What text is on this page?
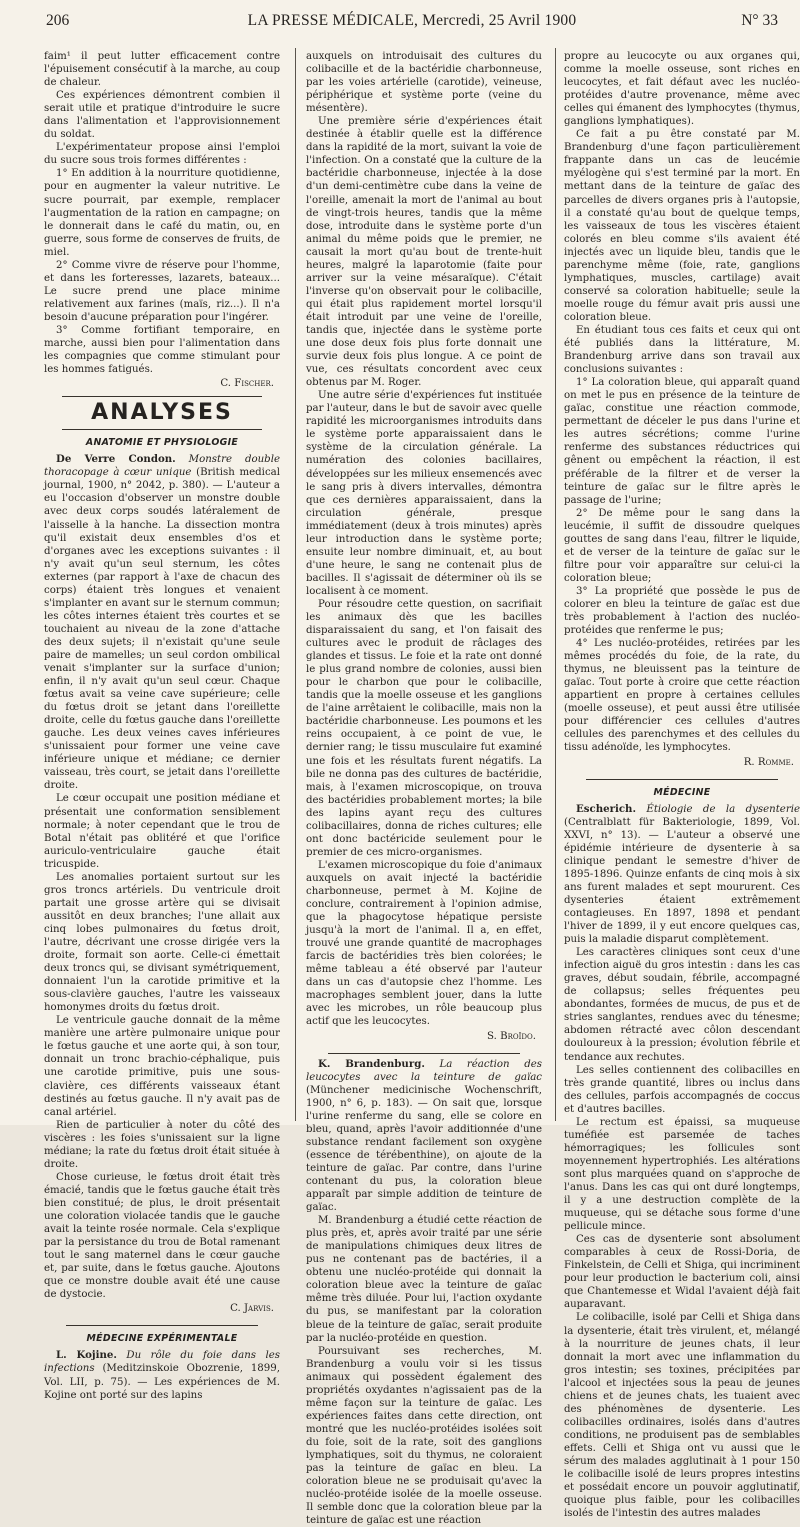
206	LA PRESSE MÉDICALE, Mercredi, 25 Avril 1900	N° 33

faim¹ il peut lutter efficacement contre l'épuisement consécutif à la marche, au coup de chaleur.

Ces expériences démontrent combien il serait utile et pratique d'introduire le sucre dans l'alimentation et l'approvisionnement du soldat.

L'expérimentateur propose ainsi l'emploi du sucre sous trois formes différentes :

1° En addition à la nourriture quotidienne, pour en augmenter la valeur nutritive. Le sucre pourrait, par exemple, remplacer l'augmentation de la ration en campagne; on le donnerait dans le café du matin, ou, en guerre, sous forme de conserves de fruits, de miel.

2° Comme vivre de réserve pour l'homme, et dans les forteresses, lazarets, bateaux... Le sucre prend une place minime relativement aux farines (maïs, riz...). Il n'a besoin d'aucune préparation pour l'ingérer.

3° Comme fortifiant temporaire, en marche, aussi bien pour l'alimentation dans les compagnies que comme stimulant pour les hommes fatigués.

C. Fischer.
ANALYSES
ANATOMIE ET PHYSIOLOGIE

De Verre Condon. Monstre double thoracopage à cœur unique (British medical journal, 1900, n° 2042, p. 380). — L'auteur a eu l'occasion d'observer un monstre double avec deux corps soudés latéralement de l'aisselle à la hanche. La dissection montra qu'il existait deux ensembles d'os et d'organes avec les exceptions suivantes : il n'y avait qu'un seul sternum, les côtes externes (par rapport à l'axe de chacun des corps) étaient très longues et venaient s'implanter en avant sur le sternum commun; les côtes internes étaient très courtes et se touchaient au niveau de la zone d'attache des deux sujets; il n'existait qu'une seule paire de mamelles; un seul cordon ombilical venait s'implanter sur la surface d'union; enfin, il n'y avait qu'un seul cœur. Chaque fœtus avait sa veine cave supérieure; celle du fœtus droit se jetant dans l'oreillette droite, celle du fœtus gauche dans l'oreillette gauche. Les deux veines caves inférieures s'unissaient pour former une veine cave inférieure unique et médiane; ce dernier vaisseau, très court, se jetait dans l'oreillette droite.

Le cœur occupait une position médiane et présentait une conformation sensiblement normale; à noter cependant que le trou de Botal n'était pas oblitéré et que l'orifice auriculo-ventriculaire gauche était tricuspide.

Les anomalies portaient surtout sur les gros troncs artériels. Du ventricule droit partait une grosse artère qui se divisait aussitôt en deux branches; l'une allait aux cinq lobes pulmonaires du fœtus droit, l'autre, décrivant une crosse dirigée vers la droite, formait son aorte. Celle-ci émettait deux troncs qui, se divisant symétriquement, donnaient l'un la carotide primitive et la sous-clavière gauches, l'autre les vaisseaux homonymes droits du fœtus droit.

Le ventricule gauche donnait de la même manière une artère pulmonaire unique pour le fœtus gauche et une aorte qui, à son tour, donnait un tronc brachio-céphalique, puis une carotide primitive, puis une sous-clavière, ces différents vaisseaux étant destinés au fœtus gauche. Il n'y avait pas de canal artériel.

Rien de particulier à noter du côté des viscères : les foies s'unissaient sur la ligne médiane; la rate du fœtus droit était située à droite.

Chose curieuse, le fœtus droit était très émacié, tandis que le fœtus gauche était très bien constitué; de plus, le droit présentait une coloration violacée tandis que le gauche avait la teinte rosée normale. Cela s'explique par la persistance du trou de Botal ramenant tout le sang maternel dans le cœur gauche et, par suite, dans le fœtus gauche. Ajoutons que ce monstre double avait été une cause de dystocie.

C. Jarvis.
MÉDECINE EXPÉRIMENTALE

L. Kojine. Du rôle du foie dans les infections (Meditzinskoie Obozrenie, 1899, Vol. LII, p. 75). — Les expériences de M. Kojine ont porté sur des lapins

auxquels on introduisait des cultures du colibacille et de la bactéridie charbonneuse, par les voies artérielle (carotide), veineuse, périphérique et système porte (veine du mésentère).

Une première série d'expériences était destinée à établir quelle est la différence dans la rapidité de la mort, suivant la voie de l'infection. On a constaté que la culture de la bactéridie charbonneuse, injectée à la dose d'un demi-centimètre cube dans la veine de l'oreille, amenait la mort de l'animal au bout de vingt-trois heures, tandis que la même dose, introduite dans le système porte d'un animal du même poids que le premier, ne causait la mort qu'au bout de trente-huit heures, malgré la laparotomie (faite pour arriver sur la veine mésaraïque). C'était l'inverse qu'on observait pour le colibacille, qui était plus rapidement mortel lorsqu'il était introduit par une veine de l'oreille, tandis que, injectée dans le système porte une dose deux fois plus forte donnait une survie deux fois plus longue. A ce point de vue, ces résultats concordent avec ceux obtenus par M. Roger.

Une autre série d'expériences fut instituée par l'auteur, dans le but de savoir avec quelle rapidité les microorganismes introduits dans le système porte apparaissaient dans le système de la circulation générale. La numération des colonies bacillaires, développées sur les milieux ensemencés avec le sang pris à divers intervalles, démontra que ces dernières apparaissaient, dans la circulation générale, presque immédiatement (deux à trois minutes) après leur introduction dans le système porte; ensuite leur nombre diminuait, et, au bout d'une heure, le sang ne contenait plus de bacilles. Il s'agissait de déterminer où ils se localisent à ce moment.

Pour résoudre cette question, on sacrifiait les animaux dès que les bacilles disparaissaient du sang, et l'on faisait des cultures avec le produit de râclages des glandes et tissus. Le foie et la rate ont donné le plus grand nombre de colonies, aussi bien pour le charbon que pour le colibacille, tandis que la moelle osseuse et les ganglions de l'aine arrêtaient le colibacille, mais non la bactéridie charbonneuse. Les poumons et les reins occupaient, à ce point de vue, le dernier rang; le tissu musculaire fut examiné une fois et les résultats furent négatifs. La bile ne donna pas des cultures de bactéridie, mais, à l'examen microscopique, on trouva des bactéridies probablement mortes; la bile des lapins ayant reçu des cultures colibacillaires, donna de riches cultures; elle ont donc bactéricide seulement pour le premier de ces micro-organismes.

L'examen microscopique du foie d'animaux auxquels on avait injecté la bactéridie charbonneuse, permet à M. Kojine de conclure, contrairement à l'opinion admise, que la phagocytose hépatique persiste jusqu'à la mort de l'animal. Il a, en effet, trouvé une grande quantité de macrophages farcis de bactéridies très bien colorées; le même tableau a été observé par l'auteur dans un cas d'autopsie chez l'homme. Les macrophages semblent jouer, dans la lutte avec les microbes, un rôle beaucoup plus actif que les leucocytes.

S. Broïdo.

K. Brandenburg. La réaction des leucocytes avec la teinture de gaïac (Münchener medicinische Wochenschrift, 1900, n° 6, p. 183). — On sait que, lorsque l'urine renferme du sang, elle se colore en bleu, quand, après l'avoir additionnée d'une substance rendant facilement son oxygène (essence de térébenthine), on ajoute de la teinture de gaïac. Par contre, dans l'urine contenant du pus, la coloration bleue apparaît par simple addition de teinture de gaïac.

M. Brandenburg a étudié cette réaction de plus près, et, après avoir traité par une série de manipulations chimiques deux litres de pus ne contenant pas de bactéries, il a obtenu une nucléo-protéide qui donnait la coloration bleue avec la teinture de gaïac même très diluée. Pour lui, l'action oxydante du pus, se manifestant par la coloration bleue de la teinture de gaïac, serait produite par la nucléo-protéide en question.

Poursuivant ses recherches, M. Brandenburg a voulu voir si les tissus animaux qui possèdent également des propriétés oxydantes n'agissaient pas de la même façon sur la teinture de gaïac. Les expériences faites dans cette direction, ont montré que les nucléo-protéides isolées soit du foie, soit de la rate, soit des ganglions lymphatiques, soit du thymus, ne coloraient pas la teinture de gaïac en bleu. La coloration bleue ne se produisait qu'avec la nucléo-protéide isolée de la moelle osseuse. Il semble donc que la coloration bleue par la teinture de gaïac est une réaction

propre au leucocyte ou aux organes qui, comme la moelle osseuse, sont riches en leucocytes, et fait défaut avec les nucléo-protéides d'autre provenance, même avec celles qui émanent des lymphocytes (thymus, ganglions lymphatiques).

Ce fait a pu être constaté par M. Brandenburg d'une façon particulièrement frappante dans un cas de leucémie myélogène qui s'est terminé par la mort. En mettant dans de la teinture de gaïac des parcelles de divers organes pris à l'autopsie, il a constaté qu'au bout de quelque temps, les vaisseaux de tous les viscères étaient colorés en bleu comme s'ils avaient été injectés avec un liquide bleu, tandis que le parenchyme même (foie, rate, ganglions lymphatiques, muscles, cartilage) avait conservé sa coloration habituelle; seule la moelle rouge du fémur avait pris aussi une coloration bleue.

En étudiant tous ces faits et ceux qui ont été publiés dans la littérature, M. Brandenburg arrive dans son travail aux conclusions suivantes :

1° La coloration bleue, qui apparaît quand on met le pus en présence de la teinture de gaïac, constitue une réaction commode, permettant de déceler le pus dans l'urine et les autres sécrétions; comme l'urine renferme des substances réductrices qui gênent ou empêchent la réaction, il est préférable de la filtrer et de verser la teinture de gaïac sur le filtre après le passage de l'urine;

2° De même pour le sang dans la leucémie, il suffit de dissoudre quelques gouttes de sang dans l'eau, filtrer le liquide, et de verser de la teinture de gaïac sur le filtre pour voir apparaître sur celui-ci la coloration bleue;

3° La propriété que possède le pus de colorer en bleu la teinture de gaïac est due très probablement à l'action des nucléo-protéides que renferme le pus;

4° Les nucléo-protéides, retirées par les mêmes procédés du foie, de la rate, du thymus, ne bleuissent pas la teinture de gaïac. Tout porte à croire que cette réaction appartient en propre à certaines cellules (moelle osseuse), et peut aussi être utilisée pour différencier ces cellules d'autres cellules des parenchymes et des cellules du tissu adénoïde, les lymphocytes.

R. Romme.
MÉDECINE

Escherich. Étiologie de la dysenterie (Centralblatt für Bakteriologie, 1899, Vol. XXVI, n° 13). — L'auteur a observé une épidémie intérieure de dysenterie à sa clinique pendant le semestre d'hiver de 1895-1896. Quinze enfants de cinq mois à six ans furent malades et sept moururent. Ces dysenteries étaient extrêmement contagieuses. En 1897, 1898 et pendant l'hiver de 1899, il y eut encore quelques cas, puis la maladie disparut complètement.

Les caractères cliniques sont ceux d'une infection aiguë du gros intestin : dans les cas graves, début soudain, fébrile, accompagné de collapsus; selles fréquentes peu abondantes, formées de mucus, de pus et de stries sanglantes, rendues avec du ténesme; abdomen rétracté avec côlon descendant douloureux à la pression; évolution fébrile et tendance aux rechutes.

Les selles contiennent des colibacilles en très grande quantité, libres ou inclus dans des cellules, parfois accompagnés de coccus et d'autres bacilles.

Le rectum est épaissi, sa muqueuse tuméfiée est parsemée de taches hémorragiques; les follicules sont moyennement hypertrophiés. Les altérations sont plus marquées quand on s'approche de l'anus. Dans les cas qui ont duré longtemps, il y a une destruction complète de la muqueuse, qui se détache sous forme d'une pellicule mince.

Ces cas de dysenterie sont absolument comparables à ceux de Rossi-Doria, de Finkelstein, de Celli et Shiga, qui incriminent pour leur production le bacterium coli, ainsi que Chantemesse et Widal l'avaient déjà fait auparavant.

Le colibacille, isolé par Celli et Shiga dans la dysenterie, était très virulent, et, mélangé à la nourriture de jeunes chats, il leur donnait la mort avec une inflammation du gros intestin; ses toxines, précipitées par l'alcool et injectées sous la peau de jeunes chiens et de jeunes chats, les tuaient avec des phénomènes de dysenterie. Les colibacilles ordinaires, isolés dans d'autres conditions, ne produisent pas de semblables effets. Celli et Shiga ont vu aussi que le sérum des malades agglutinait à 1 pour 150 le colibacille isolé de leurs propres intestins et possédait encore un pouvoir agglutinatif, quoique plus faible, pour les colibacilles isolés de l'intestin des autres malades
